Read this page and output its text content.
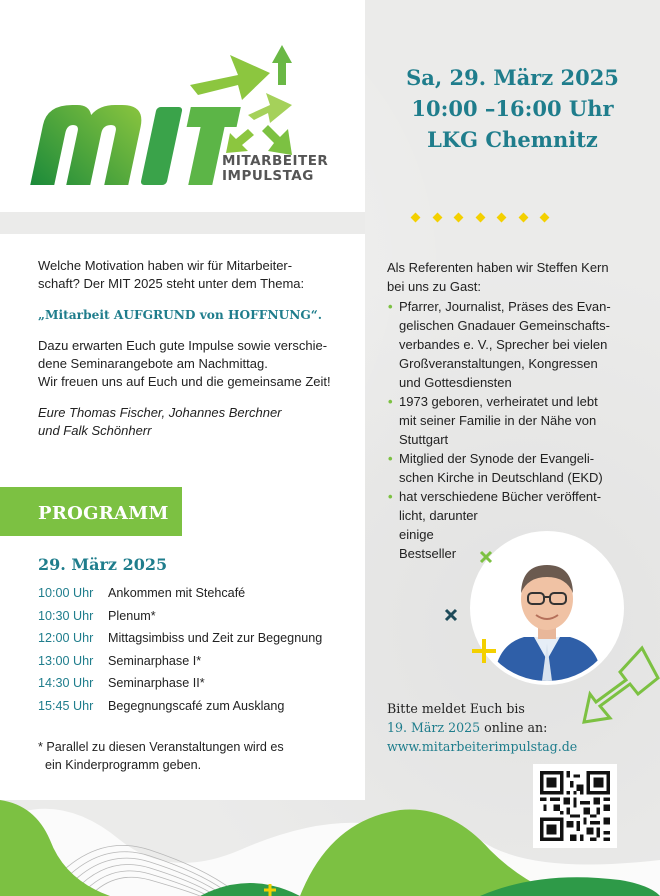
MITARBEITER
IMPULSTAG
Sa, 29. März 2025
10:00 –16:00 Uhr
LKG Chemnitz

Welche Motivation haben wir für Mitarbeiter-
schaft? Der MIT 2025 steht unter dem Thema:

„Mitarbeit AUFGRUND von HOFFNUNG“.

Dazu erwarten Euch gute Impulse sowie verschie-
dene Seminarangebote am Nachmittag.
Wir freuen uns auf Euch und die gemeinsame Zeit!

Eure Thomas Fischer, Johannes Berchner
und Falk Schönherr

PROGRAMM
29. März 2025
10:00 Uhr	Ankommen mit Stehcafé
10:30 Uhr	Plenum*
12:00 Uhr	Mittagsimbiss und Zeit zur Begegnung
13:00 Uhr	Seminarphase I*
14:30 Uhr	Seminarphase II*
15:45 Uhr	Begegnungscafé zum Ausklang
* Parallel zu diesen Veranstaltungen wird es
ein Kinderprogramm geben.
Als Referenten haben wir Steffen Kern
bei uns zu Gast:
• Pfarrer, Journalist, Präses des Evan-
gelischen Gnadauer Gemeinschafts-
verbandes e. V., Sprecher bei vielen
Großveranstaltungen, Kongressen
und Gottesdiensten
• 1973 geboren, verheiratet und lebt
mit seiner Familie in der Nähe von
Stuttgart
• Mitglied der Synode der Evangeli-
schen Kirche in Deutschland (EKD)
• hat verschiedene Bücher veröffent-
licht, darunter
einige
Bestseller
Bitte meldet Euch bis
19. März 2025 online an:
www.mitarbeiterimpulstag.de
